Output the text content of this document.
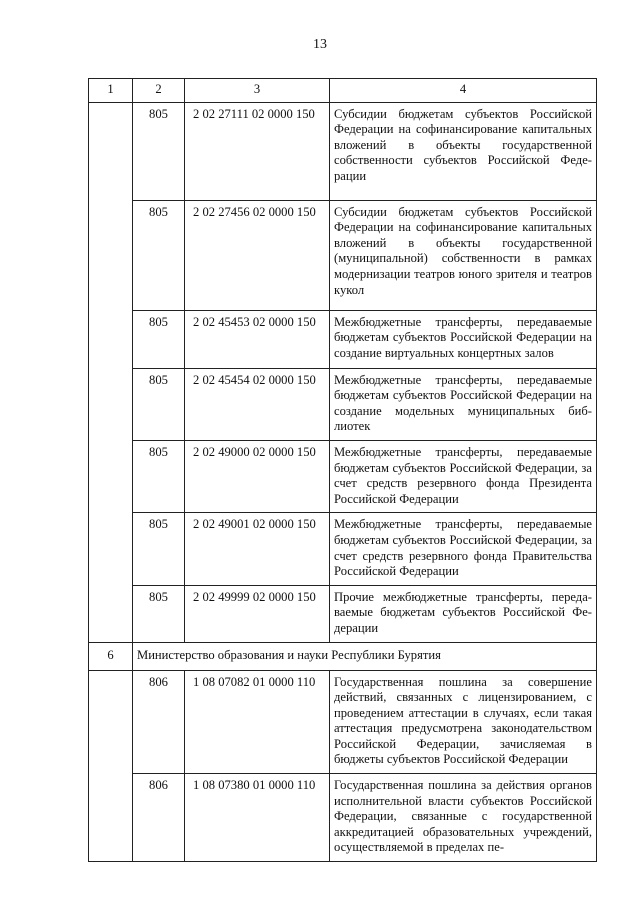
13
1	2	3	4
	805	2 02 27111 02 0000 150	Субсидии бюджетам субъектов Российской Федерации на софинансирование капитальных вложений в объекты государственной собственности субъектов Российской Федерации
	805	2 02 27456 02 0000 150	Субсидии бюджетам субъектов Российской Федерации на софинансирование капитальных вложений в объекты государственной (муниципальной) собственности в рамках модернизации театров юного зрителя и театров кукол
	805	2 02 45453 02 0000 150	Межбюджетные трансферты, передаваемые бюджетам субъектов Российской Федерации на создание виртуальных концертных залов
	805	2 02 45454 02 0000 150	Межбюджетные трансферты, передаваемые бюджетам субъектов Российской Федерации на создание модельных муниципальных библиотек
	805	2 02 49000 02 0000 150	Межбюджетные трансферты, передаваемые бюджетам субъектов Российской Федерации, за счет средств резервного фонда Президента Российской Федерации
	805	2 02 49001 02 0000 150	Межбюджетные трансферты, передаваемые бюджетам субъектов Российской Федерации, за счет средств резервного фонда Правительства Российской Федерации
	805	2 02 49999 02 0000 150	Прочие межбюджетные трансферты, передаваемые бюджетам субъектов Российской Федерации
6	Министерство образования и науки Республики Бурятия		
	806	1 08 07082 01 0000 110	Государственная пошлина за совершение действий, связанных с лицензированием, с проведением аттестации в случаях, если такая аттестация предусмотрена законодательством Российской Федерации, зачисляемая в бюджеты субъектов Российской Федерации
	806	1 08 07380 01 0000 110	Государственная пошлина за действия органов исполнительной власти субъектов Российской Федерации, связанные с государственной аккредитацией образовательных учреждений, осуществляемой в пределах пе-
